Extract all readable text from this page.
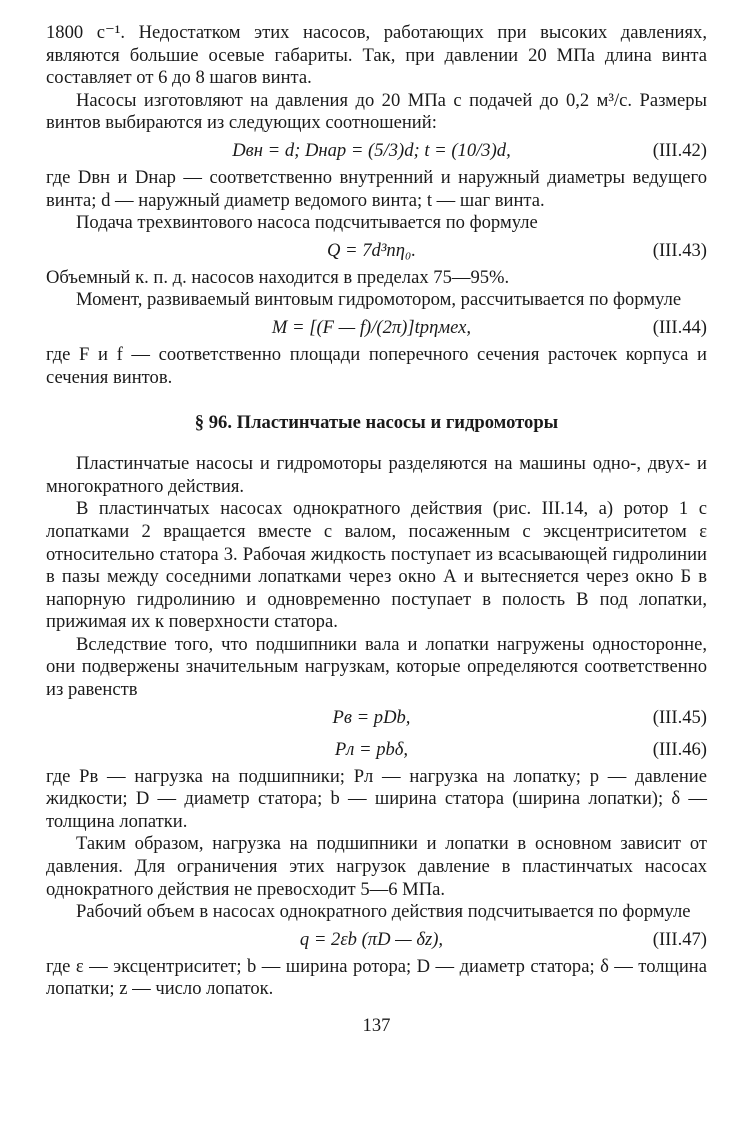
1800 с⁻¹. Недостатком этих насосов, работающих при высоких давлениях, являются большие осевые габариты. Так, при давлении 20 МПа длина винта составляет от 6 до 8 шагов винта.

Насосы изготовляют на давления до 20 МПа с подачей до 0,2 м³/с. Размеры винтов выбираются из следующих соотношений:

Dвн = d; Dнар = (5/3)d; t = (10/3)d,	(III.42)

где Dвн и Dнар — соответственно внутренний и наружный диаметры ведущего винта; d — наружный диаметр ведомого винта; t — шаг винта.

Подача трехвинтового насоса подсчитывается по формуле

Q = 7d³nη₀.	(III.43)

Объемный к. п. д. насосов находится в пределах 75—95%.

Момент, развиваемый винтовым гидромотором, рассчитывается по формуле

M = [(F — f)/(2π)]tpηмех,	(III.44)

где F и f — соответственно площади поперечного сечения расточек корпуса и сечения винтов.

§ 96. Пластинчатые насосы и гидромоторы

Пластинчатые насосы и гидромоторы разделяются на машины одно-, двух- и многократного действия.

В пластинчатых насосах однократного действия (рис. III.14, а) ротор 1 с лопатками 2 вращается вместе с валом, посаженным с эксцентриситетом ε относительно статора 3. Рабочая жидкость поступает из всасывающей гидролинии в пазы между соседними лопатками через окно А и вытесняется через окно Б в напорную гидролинию и одновременно поступает в полость В под лопатки, прижимая их к поверхности статора.

Вследствие того, что подшипники вала и лопатки нагружены односторонне, они подвержены значительным нагрузкам, которые определяются соответственно из равенств

Pв = pDb,	(III.45)
Pл = pbδ,	(III.46)

где Pв — нагрузка на подшипники; Pл — нагрузка на лопатку; p — давление жидкости; D — диаметр статора; b — ширина статора (ширина лопатки); δ — толщина лопатки.

Таким образом, нагрузка на подшипники и лопатки в основном зависит от давления. Для ограничения этих нагрузок давление в пластинчатых насосах однократного действия не превосходит 5—6 МПа.

Рабочий объем в насосах однократного действия подсчитывается по формуле

q = 2εb (πD — δz),	(III.47)

где ε — эксцентриситет; b — ширина ротора; D — диаметр статора; δ — толщина лопатки; z — число лопаток.

137
